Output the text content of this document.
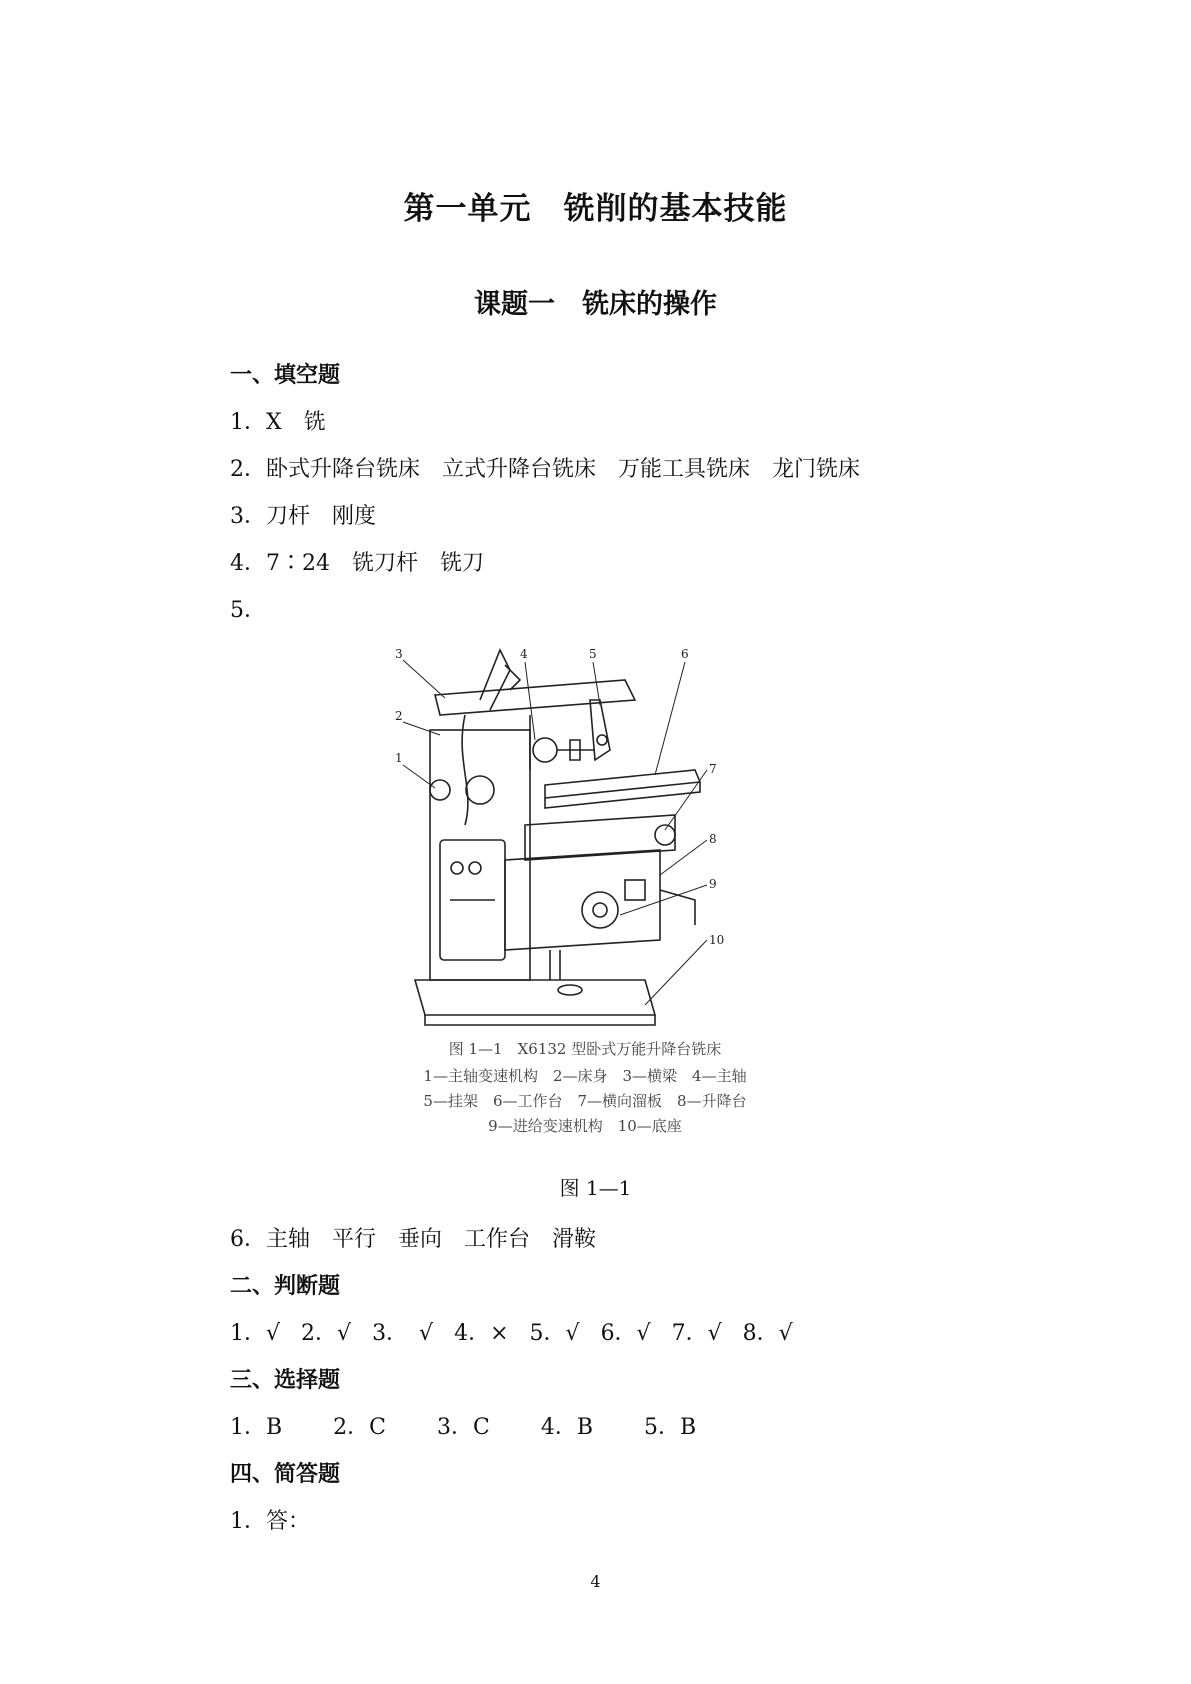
第一单元　铣削的基本技能
课题一　铣床的操作
一、填空题
1．X　铣
2．卧式升降台铣床　立式升降台铣床　万能工具铣床　龙门铣床
3．刀杆　刚度
4．7∶24　铣刀杆　铣刀
5．
3
2
1
4	5	6
7
8
9
10
图 1—1　X6132 型卧式万能升降台铣床
1—主轴变速机构　2—床身　3—横梁　4—主轴
5—挂架　6—工作台　7—横向溜板　8—升降台
9—进给变速机构　10—底座
图 1—1
6．主轴　平行　垂向　工作台　滑鞍
二、判断题
1．√ 2．√ 3．　√ 4．× 5．√ 6．√ 7．√ 8．√
三、选择题
1．B 2．C 3．C 4．B 5．B
四、简答题
1．答：
4
